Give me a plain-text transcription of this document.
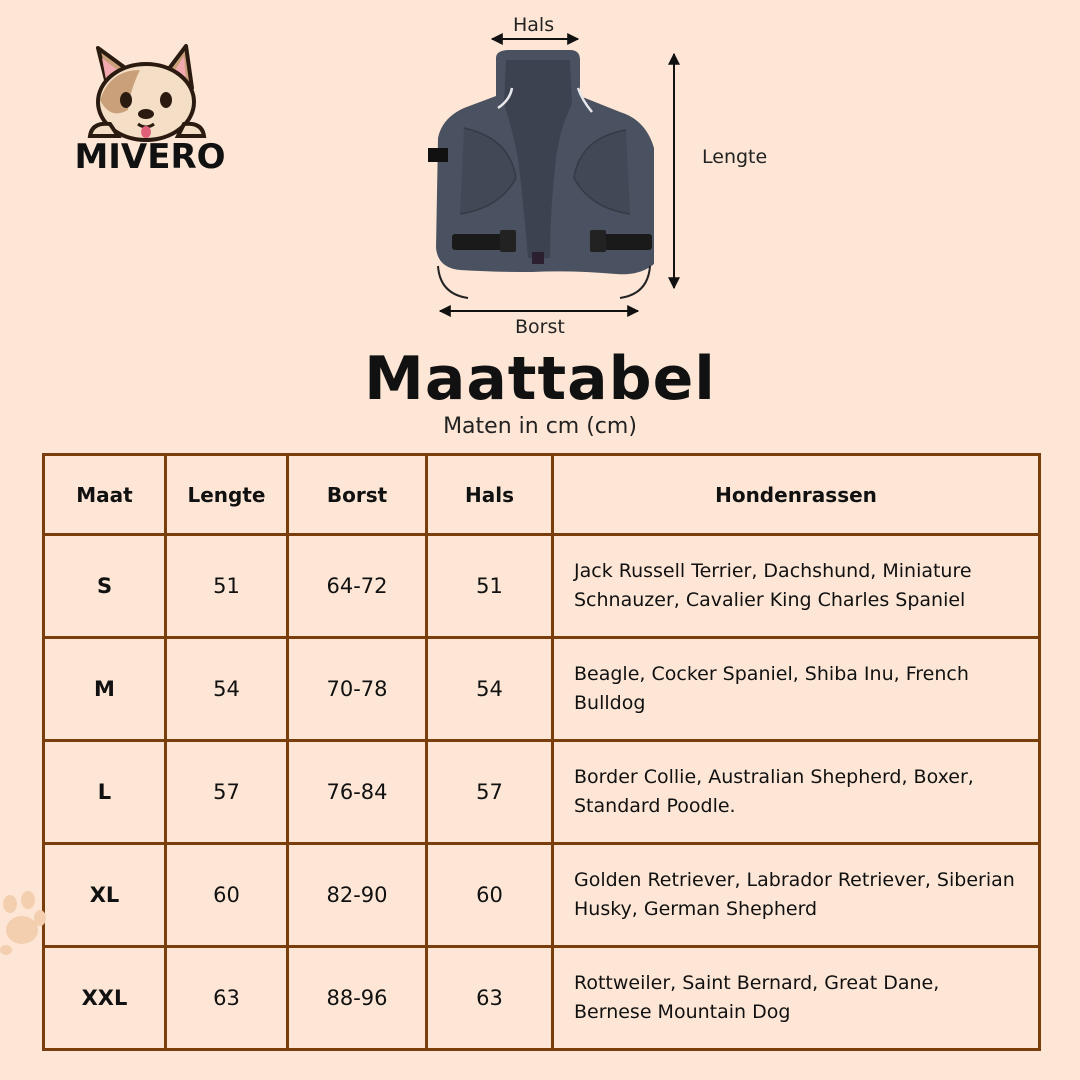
MIVERO
Hals
Lengte
Borst
Maattabel
Maten in cm (cm)
Maat	Lengte	Borst	Hals	Hondenrassen
S	51	64-72	51	Jack Russell Terrier, Dachshund, Miniature Schnauzer, Cavalier King Charles Spaniel
M	54	70-78	54	Beagle, Cocker Spaniel, Shiba Inu, French Bulldog
L	57	76-84	57	Border Collie, Australian Shepherd, Boxer, Standard Poodle.
XL	60	82-90	60	Golden Retriever, Labrador Retriever, Siberian Husky, German Shepherd
XXL	63	88-96	63	Rottweiler, Saint Bernard, Great Dane, Bernese Mountain Dog
